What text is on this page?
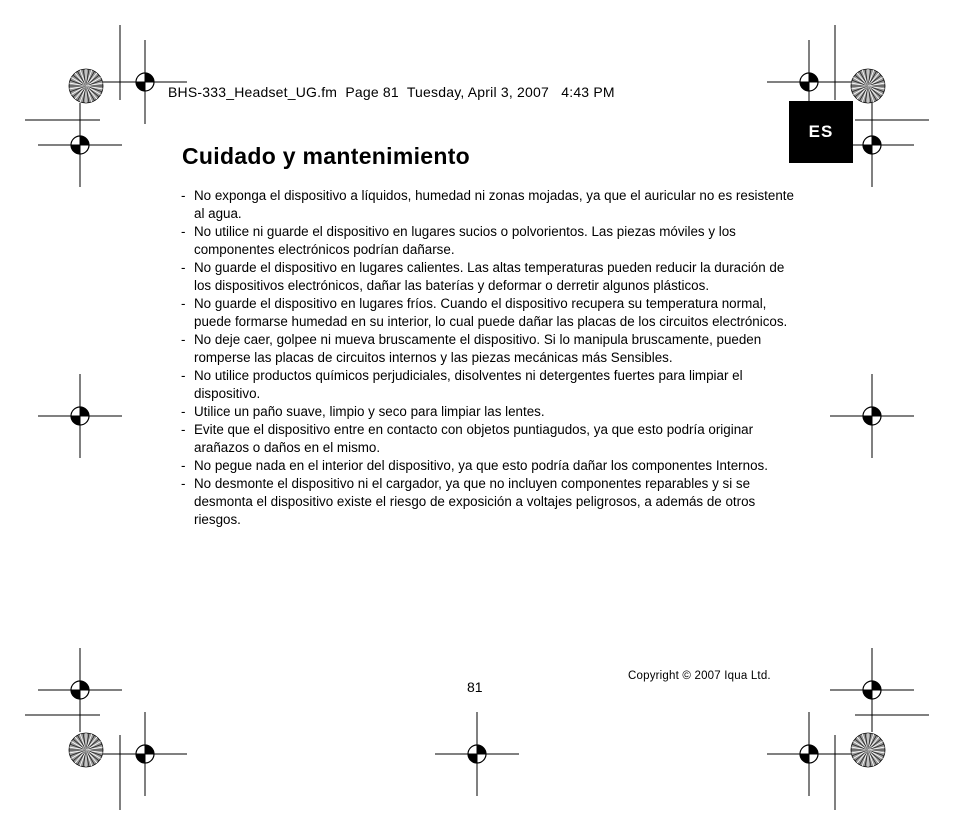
BHS-333_Headset_UG.fm  Page 81  Tuesday, April 3, 2007   4:43 PM
ES
Cuidado y mantenimiento
- No exponga el dispositivo a líquidos, humedad ni zonas mojadas, ya que el auricular no es resistente al agua.
- No utilice ni guarde el dispositivo en lugares sucios o polvorientos. Las piezas móviles y los componentes electrónicos podrían dañarse.
- No guarde el dispositivo en lugares calientes. Las altas temperaturas pueden reducir la duración de los dispositivos electrónicos, dañar las baterías y deformar o derretir algunos plásticos.
- No guarde el dispositivo en lugares fríos. Cuando el dispositivo recupera su temperatura normal, puede formarse humedad en su interior, lo cual puede dañar las placas de los circuitos electrónicos.
- No deje caer, golpee ni mueva bruscamente el dispositivo. Si lo manipula bruscamente, pueden romperse las placas de circuitos internos y las piezas mecánicas más Sensibles.
- No utilice productos químicos perjudiciales, disolventes ni detergentes fuertes para limpiar el dispositivo.
- Utilice un paño suave, limpio y seco para limpiar las lentes.
- Evite que el dispositivo entre en contacto con objetos puntiagudos, ya que esto podría originar arañazos o daños en el mismo.
- No pegue nada en el interior del dispositivo, ya que esto podría dañar los componentes Internos.
- No desmonte el dispositivo ni el cargador, ya que no incluyen componentes reparables y si se desmonta el dispositivo existe el riesgo de exposición a voltajes peligrosos, a además de otros riesgos.
81
Copyright © 2007 Iqua Ltd.
